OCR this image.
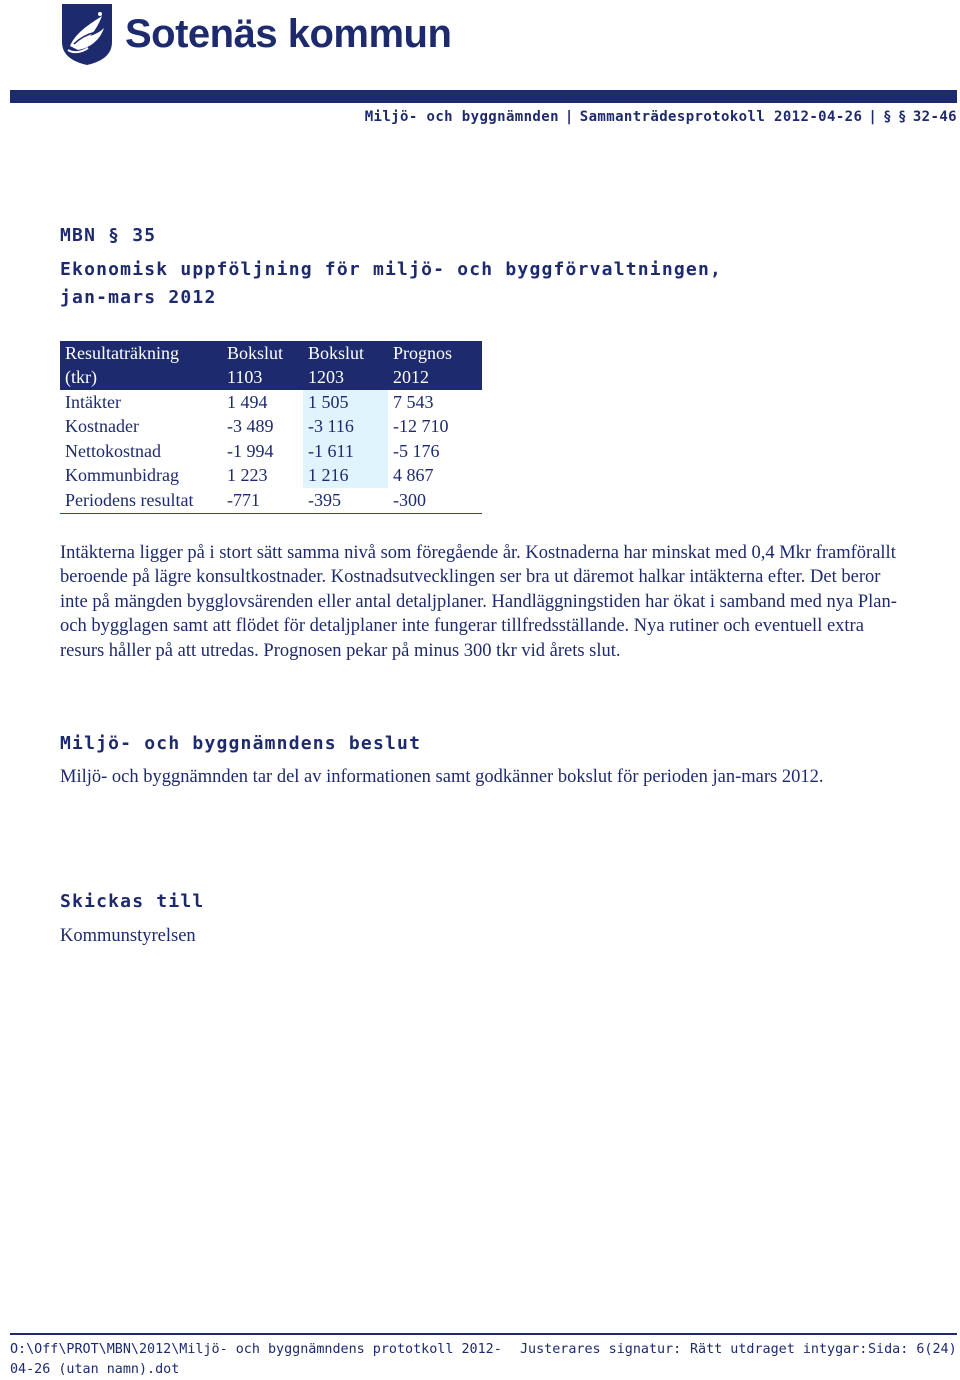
Sotenäs kommun
Miljö- och byggnämnden | Sammanträdesprotokoll 2012-04-26 | § § 32-46
MBN § 35
Ekonomisk uppföljning för miljö- och byggförvaltningen, jan-mars 2012
Resultaträkning	Bokslut	Bokslut	Prognos
(tkr)	1103	1203	2012
Intäkter	1 494	1 505	7 543
Kostnader	-3 489	-3 116	-12 710
Nettokostnad	-1 994	-1 611	-5 176
Kommunbidrag	1 223	1 216	4 867
Periodens resultat	-771	-395	-300
Intäkterna ligger på i stort sätt samma nivå som föregående år. Kostnaderna har minskat med 0,4 Mkr framförallt beroende på lägre konsultkostnader. Kostnadsutvecklingen ser bra ut däremot halkar intäkterna efter. Det beror inte på mängden bygglovsärenden eller antal detaljplaner. Handläggningstiden har ökat i samband med nya Plan- och bygglagen samt att flödet för detaljplaner inte fungerar tillfredsställande. Nya rutiner och eventuell extra resurs håller på att utredas. Prognosen pekar på minus 300 tkr vid årets slut.
Miljö- och byggnämndens beslut
Miljö- och byggnämnden tar del av informationen samt godkänner bokslut för perioden jan-mars 2012.
Skickas till
Kommunstyrelsen
O:\Off\PROT\MBN\2012\Miljö- och byggnämndens prototkoll 2012-04-26 (utan namn).dot
Justerares signatur: Rätt utdraget intygar: Sida: 6(24)
